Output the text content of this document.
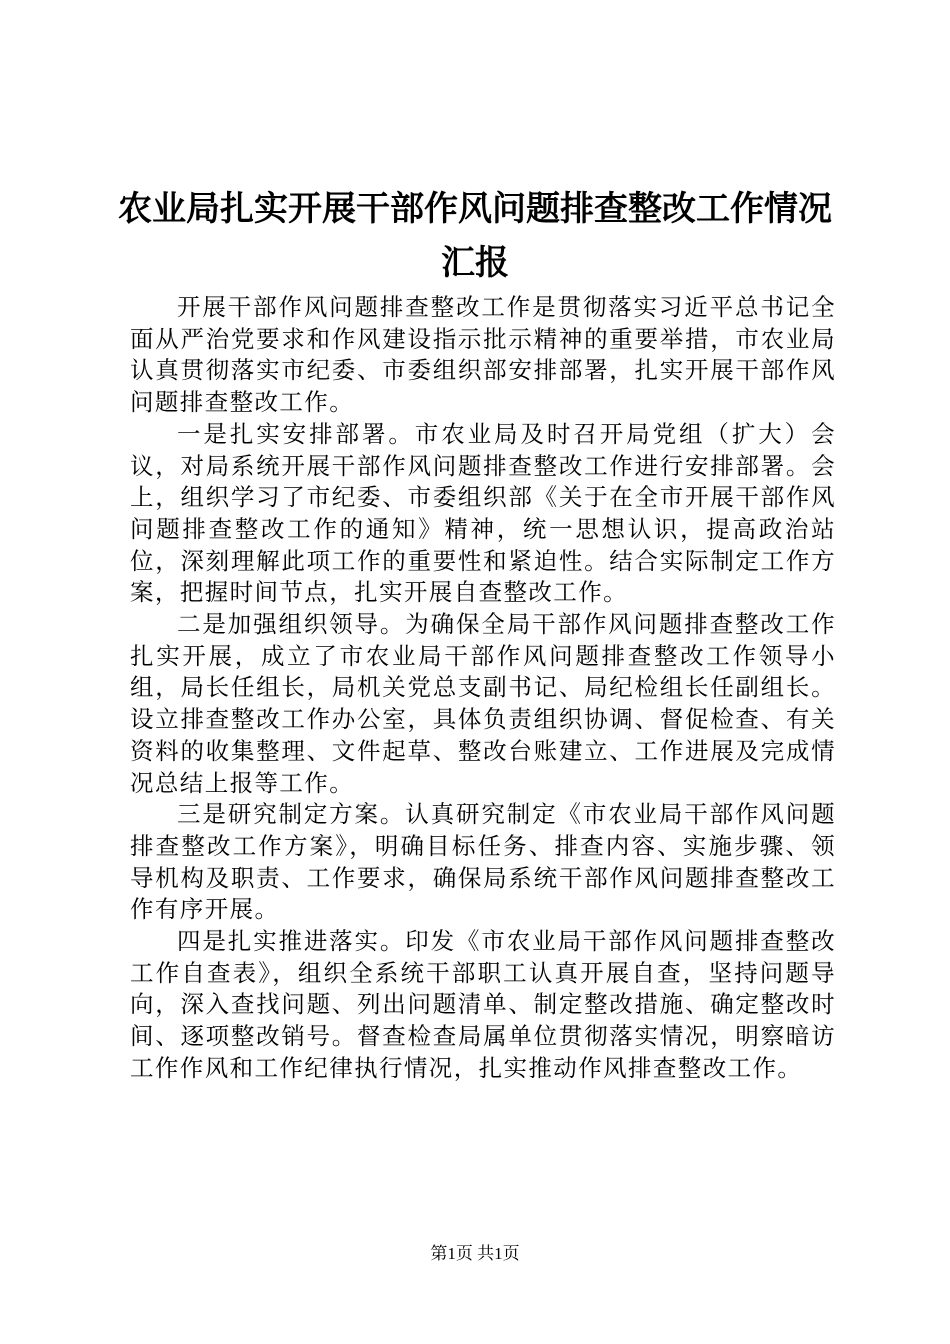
农业局扎实开展干部作风问题排查整改工作情况汇报

开展干部作风问题排查整改工作是贯彻落实习近平总书记全面从严治党要求和作风建设指示批示精神的重要举措，市农业局认真贯彻落实市纪委、市委组织部安排部署，扎实开展干部作风问题排查整改工作。

一是扎实安排部署。市农业局及时召开局党组（扩大）会议，对局系统开展干部作风问题排查整改工作进行安排部署。会上，组织学习了市纪委、市委组织部《关于在全市开展干部作风问题排查整改工作的通知》精神，统一思想认识，提高政治站位，深刻理解此项工作的重要性和紧迫性。结合实际制定工作方案，把握时间节点，扎实开展自查整改工作。

二是加强组织领导。为确保全局干部作风问题排查整改工作扎实开展，成立了市农业局干部作风问题排查整改工作领导小组，局长任组长，局机关党总支副书记、局纪检组长任副组长。设立排查整改工作办公室，具体负责组织协调、督促检查、有关资料的收集整理、文件起草、整改台账建立、工作进展及完成情况总结上报等工作。

三是研究制定方案。认真研究制定《市农业局干部作风问题排查整改工作方案》，明确目标任务、排查内容、实施步骤、领导机构及职责、工作要求，确保局系统干部作风问题排查整改工作有序开展。

四是扎实推进落实。印发《市农业局干部作风问题排查整改工作自查表》，组织全系统干部职工认真开展自查，坚持问题导向，深入查找问题、列出问题清单、制定整改措施、确定整改时间、逐项整改销号。督查检查局属单位贯彻落实情况，明察暗访工作作风和工作纪律执行情况，扎实推动作风排查整改工作。

第1页 共1页
